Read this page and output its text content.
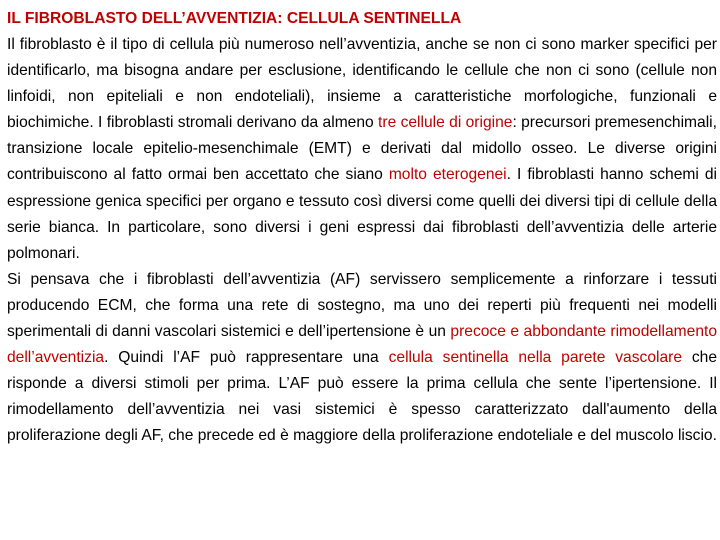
IL FIBROBLASTO DELL’AVVENTIZIA: CELLULA SENTINELLA

Il fibroblasto è il tipo di cellula più numeroso nell’avventizia, anche se non ci sono marker specifici per identificarlo, ma bisogna andare per esclusione, identificando le cellule che non ci sono (cellule non linfoidi, non epiteliali e non endoteliali), insieme a caratteristiche morfologiche, funzionali e biochimiche. I fibroblasti stromali derivano da almeno tre cellule di origine: precursori premesenchimali, transizione locale epitelio-mesenchimale (EMT) e derivati dal midollo osseo. Le diverse origini contribuiscono al fatto ormai ben accettato che siano molto eterogenei. I fibroblasti hanno schemi di espressione genica specifici per organo e tessuto così diversi come quelli dei diversi tipi di cellule della serie bianca. In particolare, sono diversi i geni espressi dai fibroblasti dell’avventizia delle arterie polmonari.

Si pensava che i fibroblasti dell’avventizia (AF) servissero semplicemente a rinforzare i tessuti producendo ECM, che forma una rete di sostegno, ma uno dei reperti più frequenti nei modelli sperimentali di danni vascolari sistemici e dell’ipertensione è un precoce e abbondante rimodellamento dell’avventizia. Quindi l’AF può rappresentare una cellula sentinella nella parete vascolare che risponde a diversi stimoli per prima. L’AF può essere la prima cellula che sente l’ipertensione. Il rimodellamento dell’avventizia nei vasi sistemici è spesso caratterizzato dall'aumento della proliferazione degli AF, che precede ed è maggiore della proliferazione endoteliale e del muscolo liscio.
